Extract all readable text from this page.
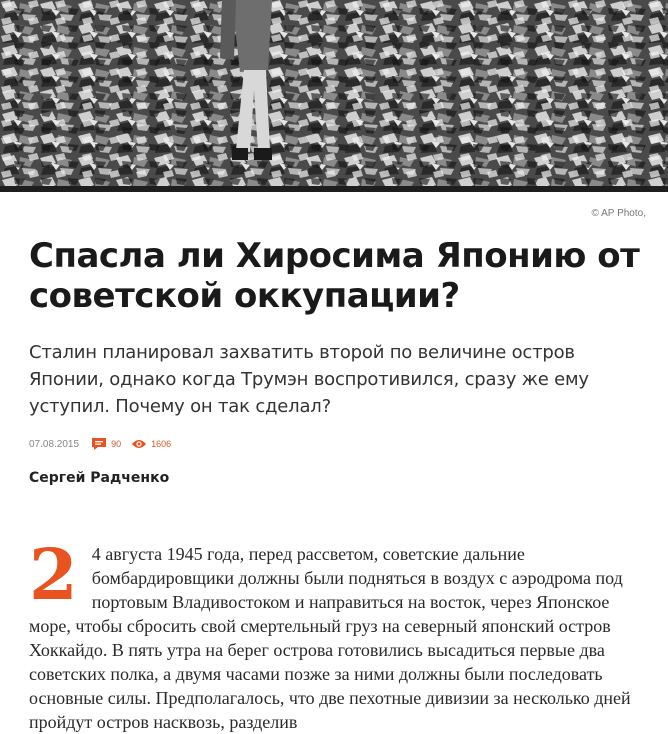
© AP Photo,
Спасла ли Хиросима Японию от советской оккупации?

Сталин планировал захватить второй по величине остров Японии, однако когда Трумэн воспротивился, сразу же ему уступил. Почему он так сделал?

07.08.2015	90	1606
Сергей Радченко

2 4 августа 1945 года, перед рассветом, советские дальние бомбардировщики должны были подняться в воздух с аэродрома под портовым Владивостоком и направиться на восток, через Японское море, чтобы сбросить свой смертельный груз на северный японский остров Хоккайдо. В пять утра на берег острова готовились высадиться первые два советских полка, а двумя часами позже за ними должны были последовать основные силы. Предполагалось, что две пехотные дивизии за несколько дней пройдут остров насквозь, разделив
